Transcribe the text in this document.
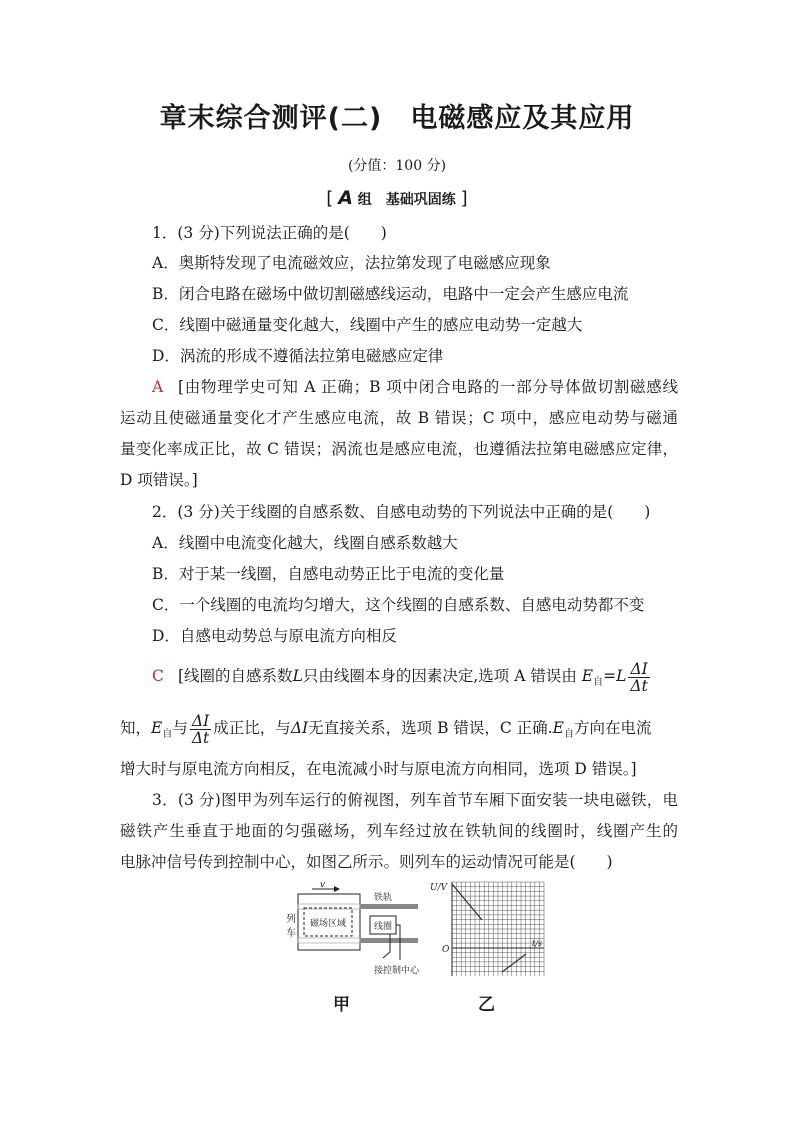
章末综合测评(二)　电磁感应及其应用
(分值：100 分)
[ A 组　基础巩固练 ]
1．(3 分)下列说法正确的是(　　)
A．奥斯特发现了电流磁效应，法拉第发现了电磁感应现象
B．闭合电路在磁场中做切割磁感线运动，电路中一定会产生感应电流
C．线圈中磁通量变化越大，线圈中产生的感应电动势一定越大
D．涡流的形成不遵循法拉第电磁感应定律
A [由物理学史可知 A 正确；B 项中闭合电路的一部分导体做切割磁感线
运动且使磁通量变化才产生感应电流，故 B 错误；C 项中，感应电动势与磁通
量变化率成正比，故 C 错误；涡流也是感应电流，也遵循法拉第电磁感应定律，
D 项错误。]
2．(3 分)关于线圈的自感系数、自感电动势的下列说法中正确的是(　　)
A．线圈中电流变化越大，线圈自感系数越大
B．对于某一线圈，自感电动势正比于电流的变化量
C．一个线圈的电流均匀增大，这个线圈的自感系数、自感电动势都不变
D．自感电动势总与原电流方向相反
C [线圈的自感系数L只由线圈本身的因素决定,选项 A 错误由 $E_自=L \frac{\Delta I}{\Delta t}$
知，$E_自$与 $\frac{\Delta I}{\Delta t}$ 成正比，与ΔI无直接关系，选项 B 错误，C 正确$.E_自$方向在电流
增大时与原电流方向相反，在电流减小时与原电流方向相同，选项 D 错误。]
3．(3 分)图甲为列车运行的俯视图，列车首节车厢下面安装一块电磁铁，电
磁铁产生垂直于地面的匀强磁场，列车经过放在铁轨间的线圈时，线圈产生的
电脉冲信号传到控制中心，如图乙所示。则列车的运动情况可能是(　　)
磁场区域
v
铁轨
线圈
接控制中心
列
车
U/V
t/s
O
甲	乙
